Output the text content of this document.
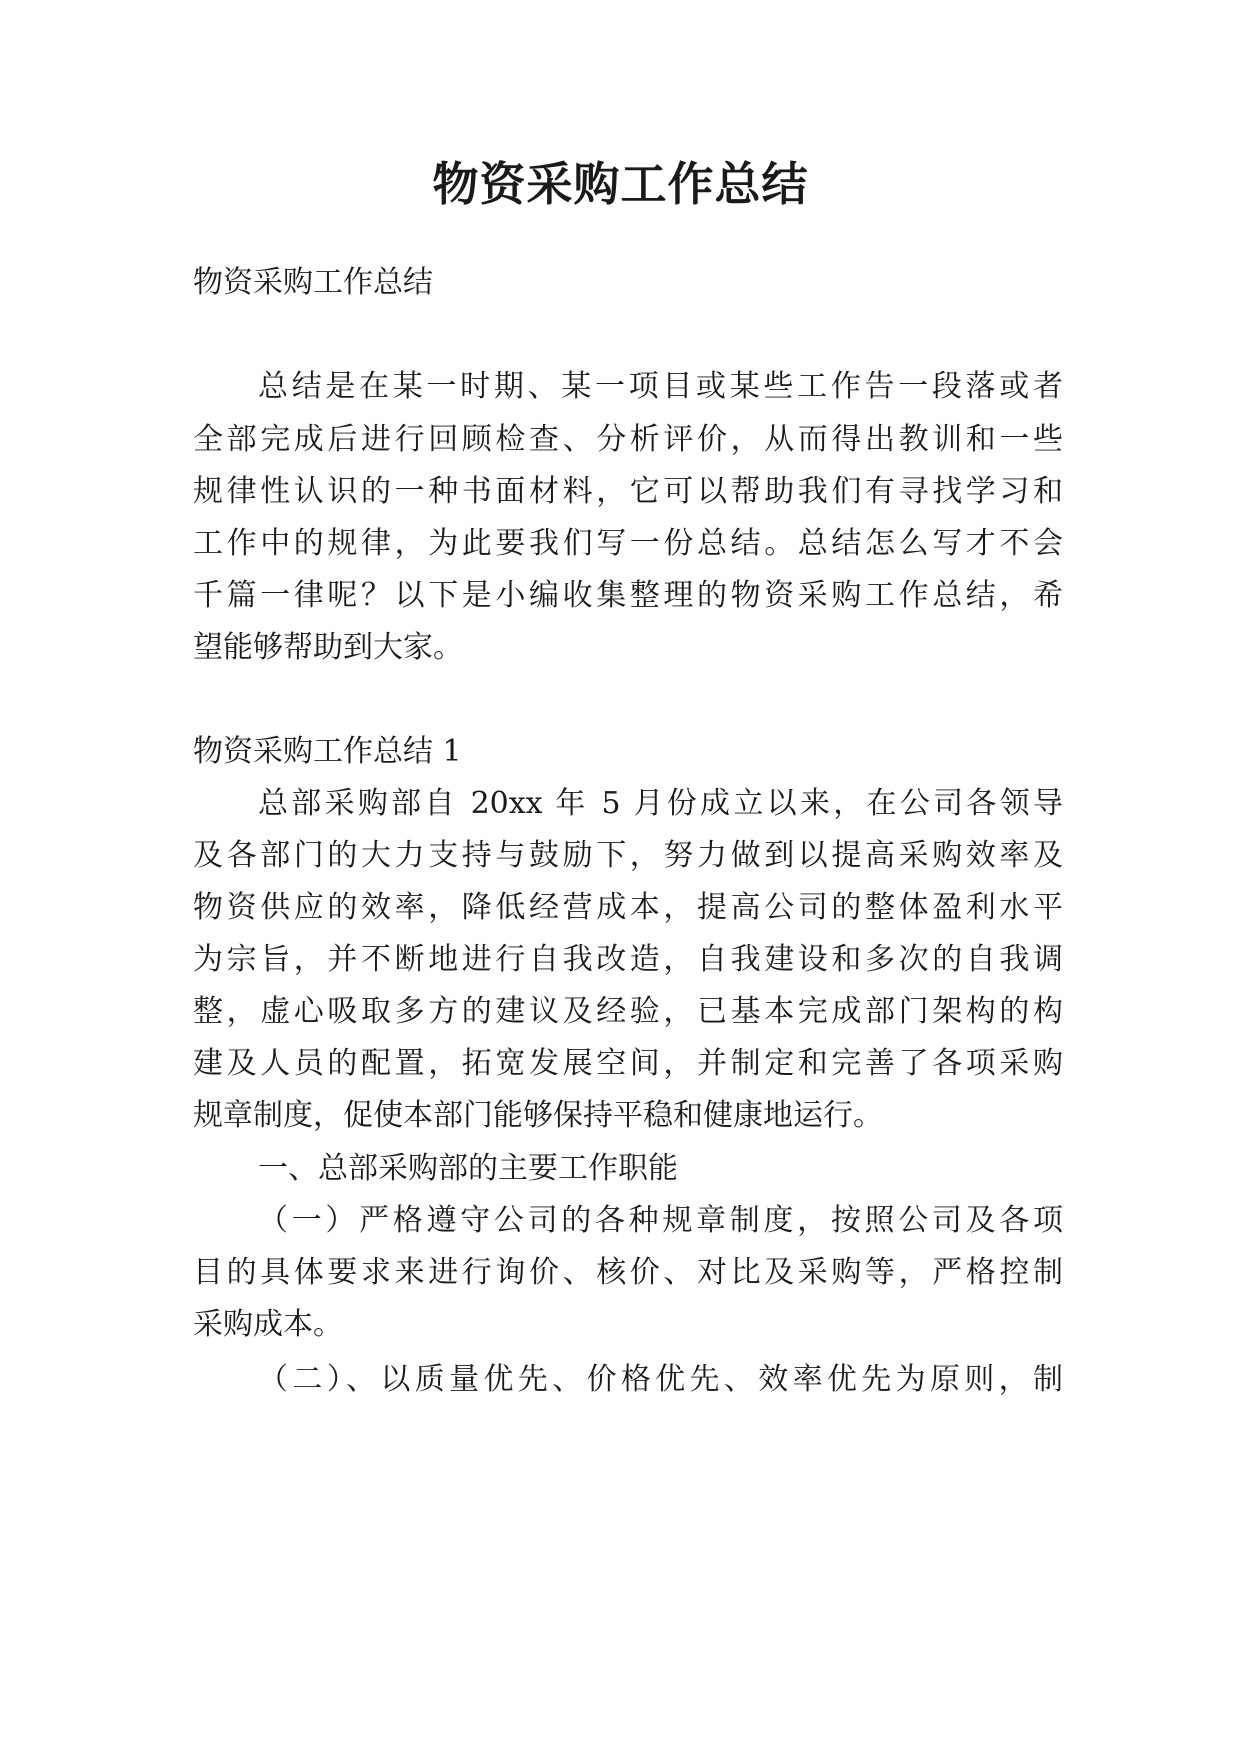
物资采购工作总结

物资采购工作总结

总结是在某一时期、某一项目或某些工作告一段落或者

全部完成后进行回顾检查、分析评价，从而得出教训和一些

规律性认识的一种书面材料，它可以帮助我们有寻找学习和

工作中的规律，为此要我们写一份总结。总结怎么写才不会

千篇一律呢？以下是小编收集整理的物资采购工作总结，希

望能够帮助到大家。

物资采购工作总结 1

总部采购部自 20xx 年 5 月份成立以来，在公司各领导

及各部门的大力支持与鼓励下，努力做到以提高采购效率及

物资供应的效率，降低经营成本，提高公司的整体盈利水平

为宗旨，并不断地进行自我改造，自我建设和多次的自我调

整，虚心吸取多方的建议及经验，已基本完成部门架构的构

建及人员的配置，拓宽发展空间，并制定和完善了各项采购

规章制度，促使本部门能够保持平稳和健康地运行。

一、总部采购部的主要工作职能

（一）严格遵守公司的各种规章制度，按照公司及各项

目的具体要求来进行询价、核价、对比及采购等，严格控制

采购成本。

（二）、以质量优先、价格优先、效率优先为原则，制
